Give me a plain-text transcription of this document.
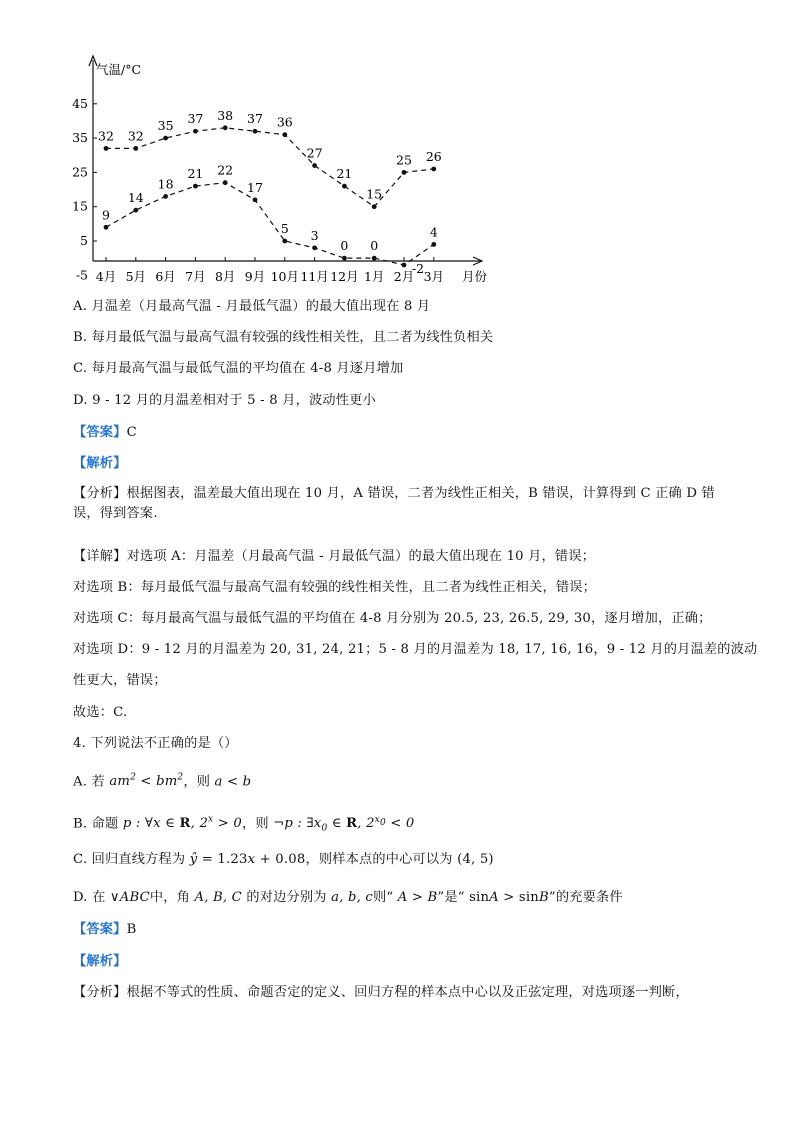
气温/°C
-5
5
15
25
35
45
4月 5月 6月 7月 8月 9月 10月 11月 12月 1月 2月 3月 月份
32 32
35 37 38 37 36
27
21
15
25 26
9
14
18
21 22
17
5 3
0 0
-2
4
A. 月温差（月最高气温 - 月最低气温）的最大值出现在 8 月
B. 每月最低气温与最高气温有较强的线性相关性，且二者为线性负相关
C. 每月最高气温与最低气温的平均值在 4-8 月逐月增加
D. 9 - 12 月的月温差相对于 5 - 8 月，波动性更小
【答案】C
【解析】
【分析】根据图表，温差最大值出现在 10 月，A 错误，二者为线性正相关，B 错误，计算得到 C 正确 D 错误，得到答案.
【详解】对选项 A：月温差（月最高气温 - 月最低气温）的最大值出现在 10 月，错误；
对选项 B：每月最低气温与最高气温有较强的线性相关性，且二者为线性正相关，错误；
对选项 C：每月最高气温与最低气温的平均值在 4-8 月分别为 20.5, 23, 26.5, 29, 30，逐月增加，正确；
对选项 D：9 - 12 月的月温差为 20, 31, 24, 21；5 - 8 月的月温差为 18, 17, 16, 16，9 - 12 月的月温差的波动
性更大，错误；
故选：C.
4. 下列说法不正确的是（）
A. 若 $am^2 < bm^2$，则 a < b
B. 命题 p : ∀x ∈ R, $2^x > 0$，则 ¬p : $\exists x_0$ ∈ R, $2^{x_0} < 0$
C. 回归直线方程为 ŷ = 1.23x + 0.08，则样本点的中心可以为 (4, 5)
D. 在 ∨ABC中，角 A, B, C 的对边分别为 a, b, c则“ A > B”是“ sinA > sinB”的充要条件
【答案】B
【解析】
【分析】根据不等式的性质、命题否定的定义、回归方程的样本点中心以及正弦定理，对选项逐一判断，
